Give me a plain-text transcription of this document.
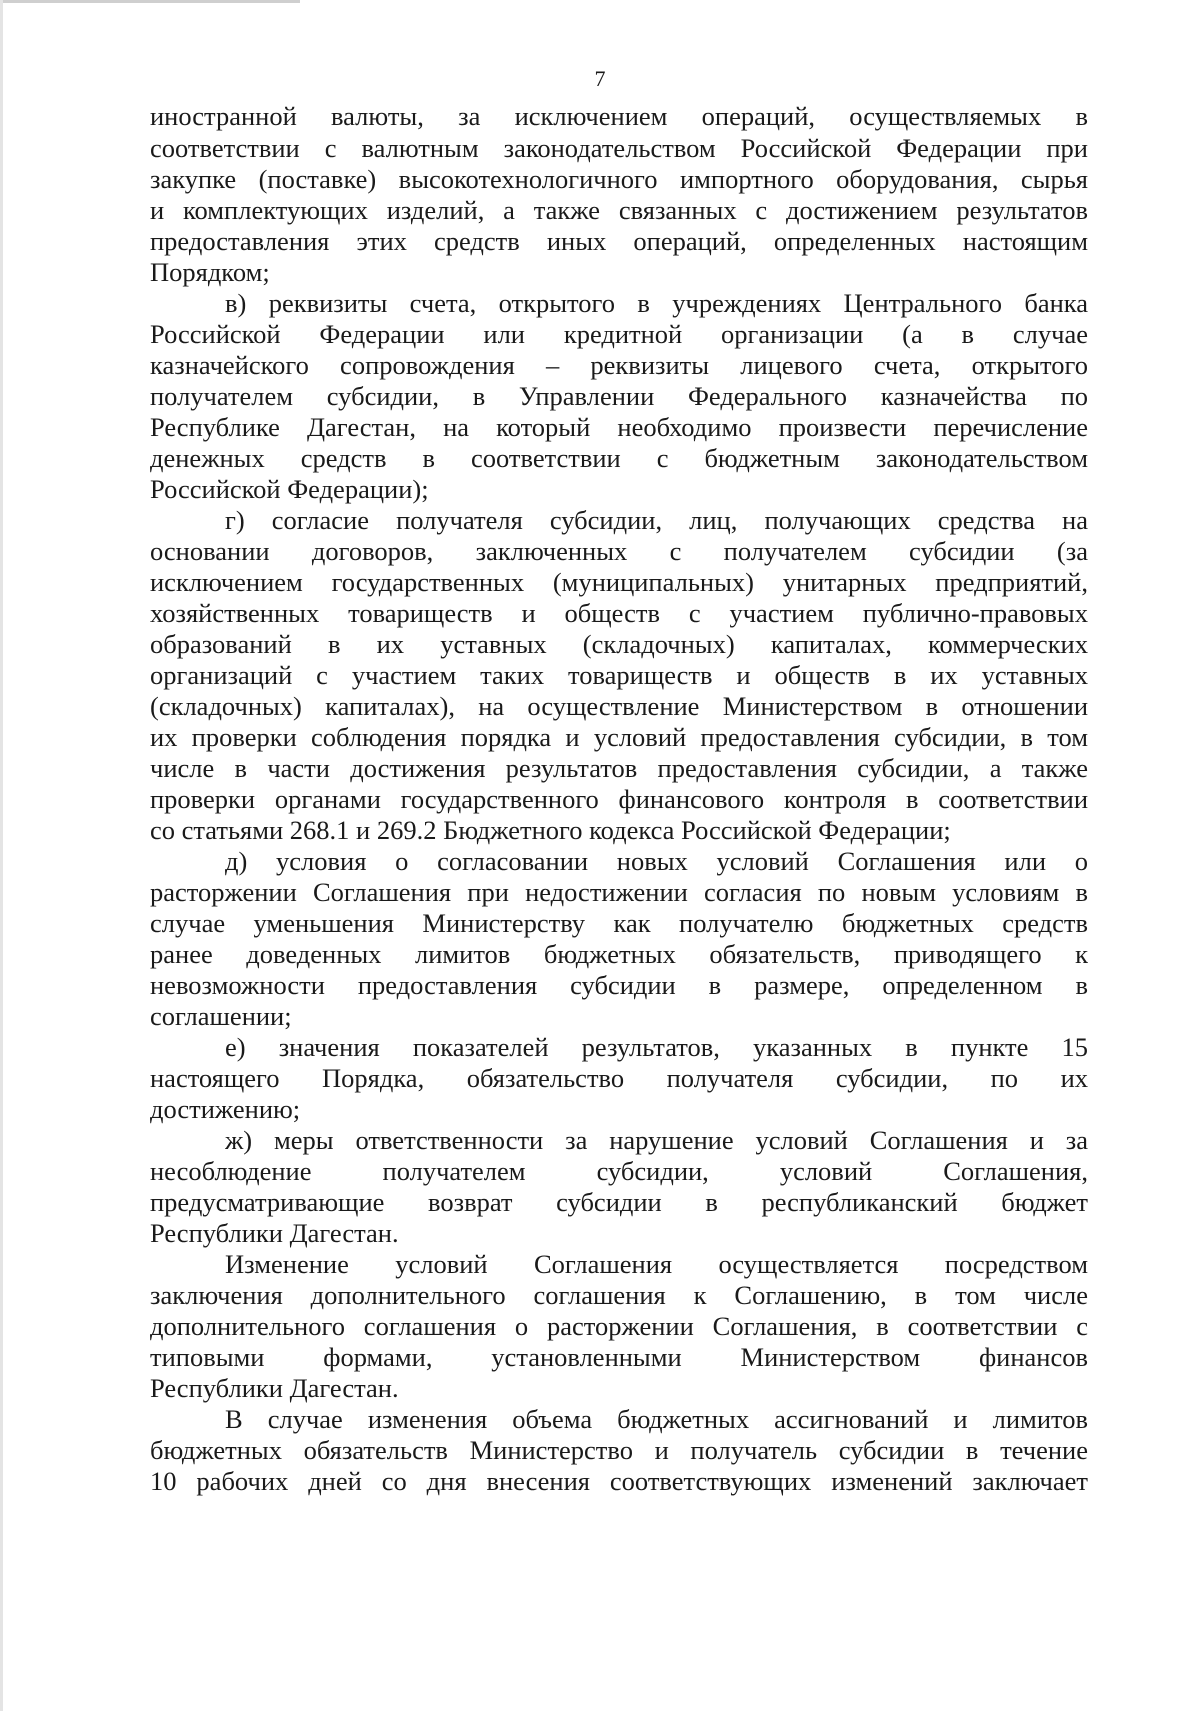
7
иностранной валюты, за исключением операций, осуществляемых в
соответствии с валютным законодательством Российской Федерации при
закупке (поставке) высокотехнологичного импортного оборудования, сырья
и комплектующих изделий, а также связанных с достижением результатов
предоставления этих средств иных операций, определенных настоящим
Порядком;
в) реквизиты счета, открытого в учреждениях Центрального банка
Российской Федерации или кредитной организации (а в случае
казначейского сопровождения – реквизиты лицевого счета, открытого
получателем субсидии, в Управлении Федерального казначейства по
Республике Дагестан, на который необходимо произвести перечисление
денежных средств в соответствии с бюджетным законодательством
Российской Федерации);
г) согласие получателя субсидии, лиц, получающих средства на
основании договоров, заключенных с получателем субсидии (за
исключением государственных (муниципальных) унитарных предприятий,
хозяйственных товариществ и обществ с участием публично-правовых
образований в их уставных (складочных) капиталах, коммерческих
организаций с участием таких товариществ и обществ в их уставных
(складочных) капиталах), на осуществление Министерством в отношении
их проверки соблюдения порядка и условий предоставления субсидии, в том
числе в части достижения результатов предоставления субсидии, а также
проверки органами государственного финансового контроля в соответствии
со статьями 268.1 и 269.2 Бюджетного кодекса Российской Федерации;
д) условия о согласовании новых условий Соглашения или о
расторжении Соглашения при недостижении согласия по новым условиям в
случае уменьшения Министерству как получателю бюджетных средств
ранее доведенных лимитов бюджетных обязательств, приводящего к
невозможности предоставления субсидии в размере, определенном в
соглашении;
е) значения показателей результатов, указанных в пункте 15
настоящего Порядка, обязательство получателя субсидии, по их
достижению;
ж) меры ответственности за нарушение условий Соглашения и за
несоблюдение получателем субсидии, условий Соглашения,
предусматривающие возврат субсидии в республиканский бюджет
Республики Дагестан.
Изменение условий Соглашения осуществляется посредством
заключения дополнительного соглашения к Соглашению, в том числе
дополнительного соглашения о расторжении Соглашения, в соответствии с
типовыми формами, установленными Министерством финансов
Республики Дагестан.
В случае изменения объема бюджетных ассигнований и лимитов
бюджетных обязательств Министерство и получатель субсидии в течение
10 рабочих дней со дня внесения соответствующих изменений заключает
